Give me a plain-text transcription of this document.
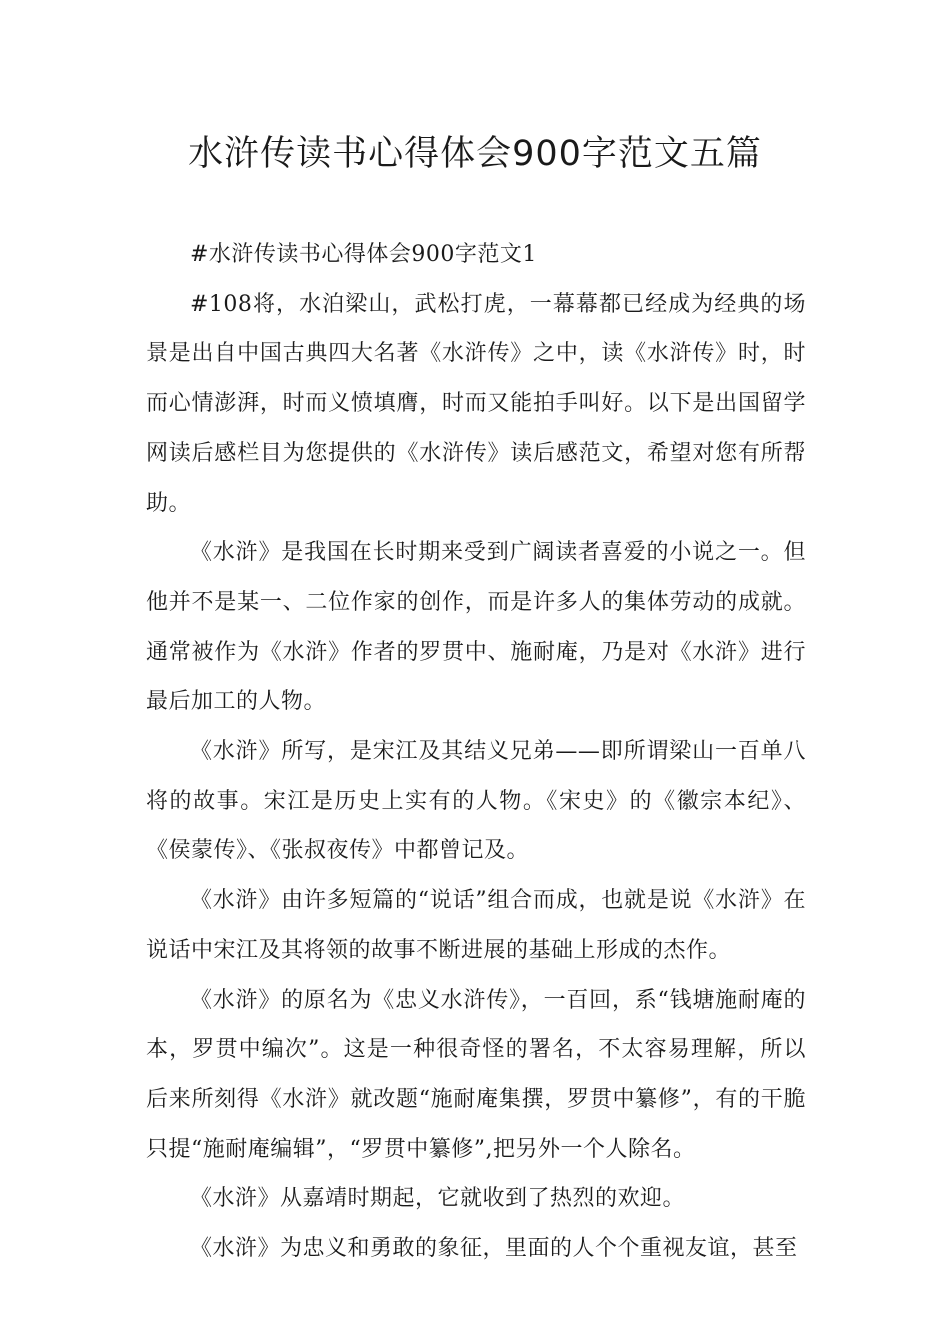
水浒传读书心得体会900字范文五篇

#水浒传读书心得体会900字范文1

#108将，水泊梁山，武松打虎，一幕幕都已经成为经典的场景是出自中国古典四大名著《水浒传》之中，读《水浒传》时，时而心情澎湃，时而义愤填膺，时而又能拍手叫好。以下是出国留学网读后感栏目为您提供的《水浒传》读后感范文，希望对您有所帮助。

《水浒》是我国在长时期来受到广阔读者喜爱的小说之一。但他并不是某一、二位作家的创作，而是许多人的集体劳动的成就。通常被作为《水浒》作者的罗贯中、施耐庵，乃是对《水浒》进行最后加工的人物。

《水浒》所写，是宋江及其结义兄弟——即所谓梁山一百单八将的故事。宋江是历史上实有的人物。《宋史》的《徽宗本纪》、《侯蒙传》、《张叔夜传》中都曾记及。

《水浒》由许多短篇的“说话”组合而成，也就是说《水浒》在说话中宋江及其将领的故事不断进展的基础上形成的杰作。

《水浒》的原名为《忠义水浒传》，一百回，系“钱塘施耐庵的本，罗贯中编次”。这是一种很奇怪的署名，不太容易理解，所以后来所刻得《水浒》就改题“施耐庵集撰，罗贯中纂修”，有的干脆只提“施耐庵编辑”，“罗贯中纂修”,把另外一个人除名。

《水浒》从嘉靖时期起，它就收到了热烈的欢迎。

《水浒》为忠义和勇敢的象征，里面的人个个重视友谊，甚至
